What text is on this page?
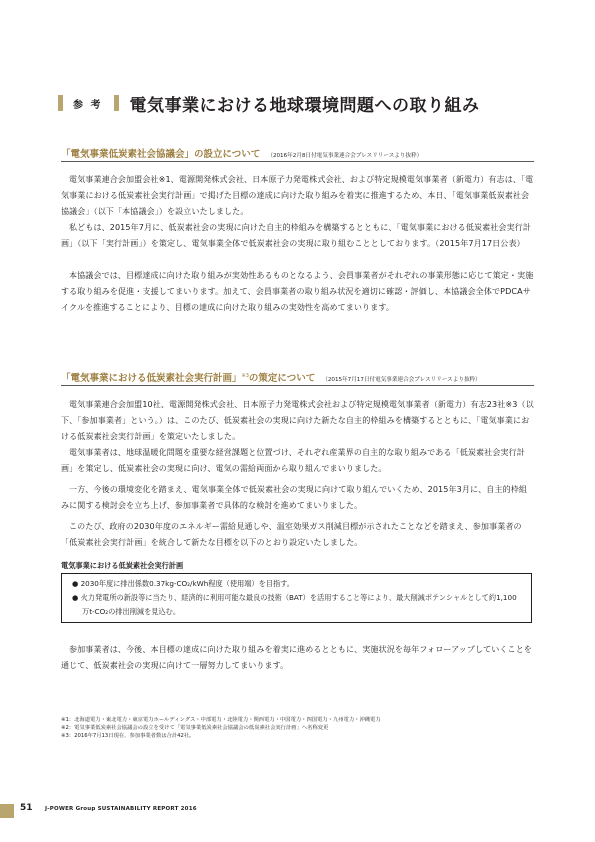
参 考 電気事業における地球環境問題への取り組み
「電気事業低炭素社会協議会」の設立について （2016年2月8日付電気事業連合会プレスリリースより抜粋）
電気事業連合会加盟会社※1、電源開発株式会社、日本原子力発電株式会社、および特定規模電気事業者（新電力）有志は、「電気事業における低炭素社会実行計画」で掲げた目標の達成に向けた取り組みを着実に推進するため、本日、「電気事業低炭素社会協議会」（以下「本協議会」）を設立いたしました。
私どもは、2015年7月に、低炭素社会の実現に向けた自主的枠組みを構築するとともに、「電気事業における低炭素社会実行計画」（以下「実行計画」）を策定し、電気事業全体で低炭素社会の実現に取り組むこととしております。（2015年7月17日公表）
本協議会では、目標達成に向けた取り組みが実効性あるものとなるよう、会員事業者がそれぞれの事業形態に応じて策定・実施する取り組みを促進・支援してまいります。加えて、会員事業者の取り組み状況を適切に確認・評価し、本協議会全体でPDCAサイクルを推進することにより、目標の達成に向けた取り組みの実効性を高めてまいります。
「電気事業における低炭素社会実行計画」$^{※3}$の策定について （2015年7月17日付電気事業連合会プレスリリースより抜粋）
電気事業連合会加盟10社、電源開発株式会社、日本原子力発電株式会社および特定規模電気事業者（新電力）有志23社※3（以下、「参加事業者」という。）は、このたび、低炭素社会の実現に向けた新たな自主的枠組みを構築するとともに、「電気事業における低炭素社会実行計画」を策定いたしました。
電気事業者は、地球温暖化問題を重要な経営課題と位置づけ、それぞれ産業界の自主的な取り組みである「低炭素社会実行計画」を策定し、低炭素社会の実現に向け、電気の需給両面から取り組んでまいりました。
一方、今後の環境変化を踏まえ、電気事業全体で低炭素社会の実現に向けて取り組んでいくため、2015年3月に、自主的枠組みに関する検討会を立ち上げ、参加事業者で具体的な検討を進めてまいりました。
このたび、政府の2030年度のエネルギー需給見通しや、温室効果ガス削減目標が示されたことなどを踏まえ、参加事業者の「低炭素社会実行計画」を統合して新たな目標を以下のとおり設定いたしました。
電気事業における低炭素社会実行計画
● 2030年度に排出係数0.37kg-CO₂/kWh程度（使用端）を目指す。
● 火力発電所の新設等に当たり、経済的に利用可能な最良の技術（BAT）を活用すること等により、最大削減ポテンシャルとして約1,100万t-CO₂の排出削減を見込む。
参加事業者は、今後、本目標の達成に向けた取り組みを着実に進めるとともに、実施状況を毎年フォローアップしていくことを通じて、低炭素社会の実現に向けて一層努力してまいります。
※1：北海道電力・東北電力・東京電力ホールディングス・中部電力・北陸電力・関西電力・中国電力・四国電力・九州電力・沖縄電力
※2：電気事業低炭素社会協議会の設立を受けて「電気事業低炭素社会協議会の低炭素社会実行計画」へ名称変更
※3：2016年7月13日現在、参加事業者数は合計42社。
51 J-POWER Group SUSTAINABILITY REPORT 2016
